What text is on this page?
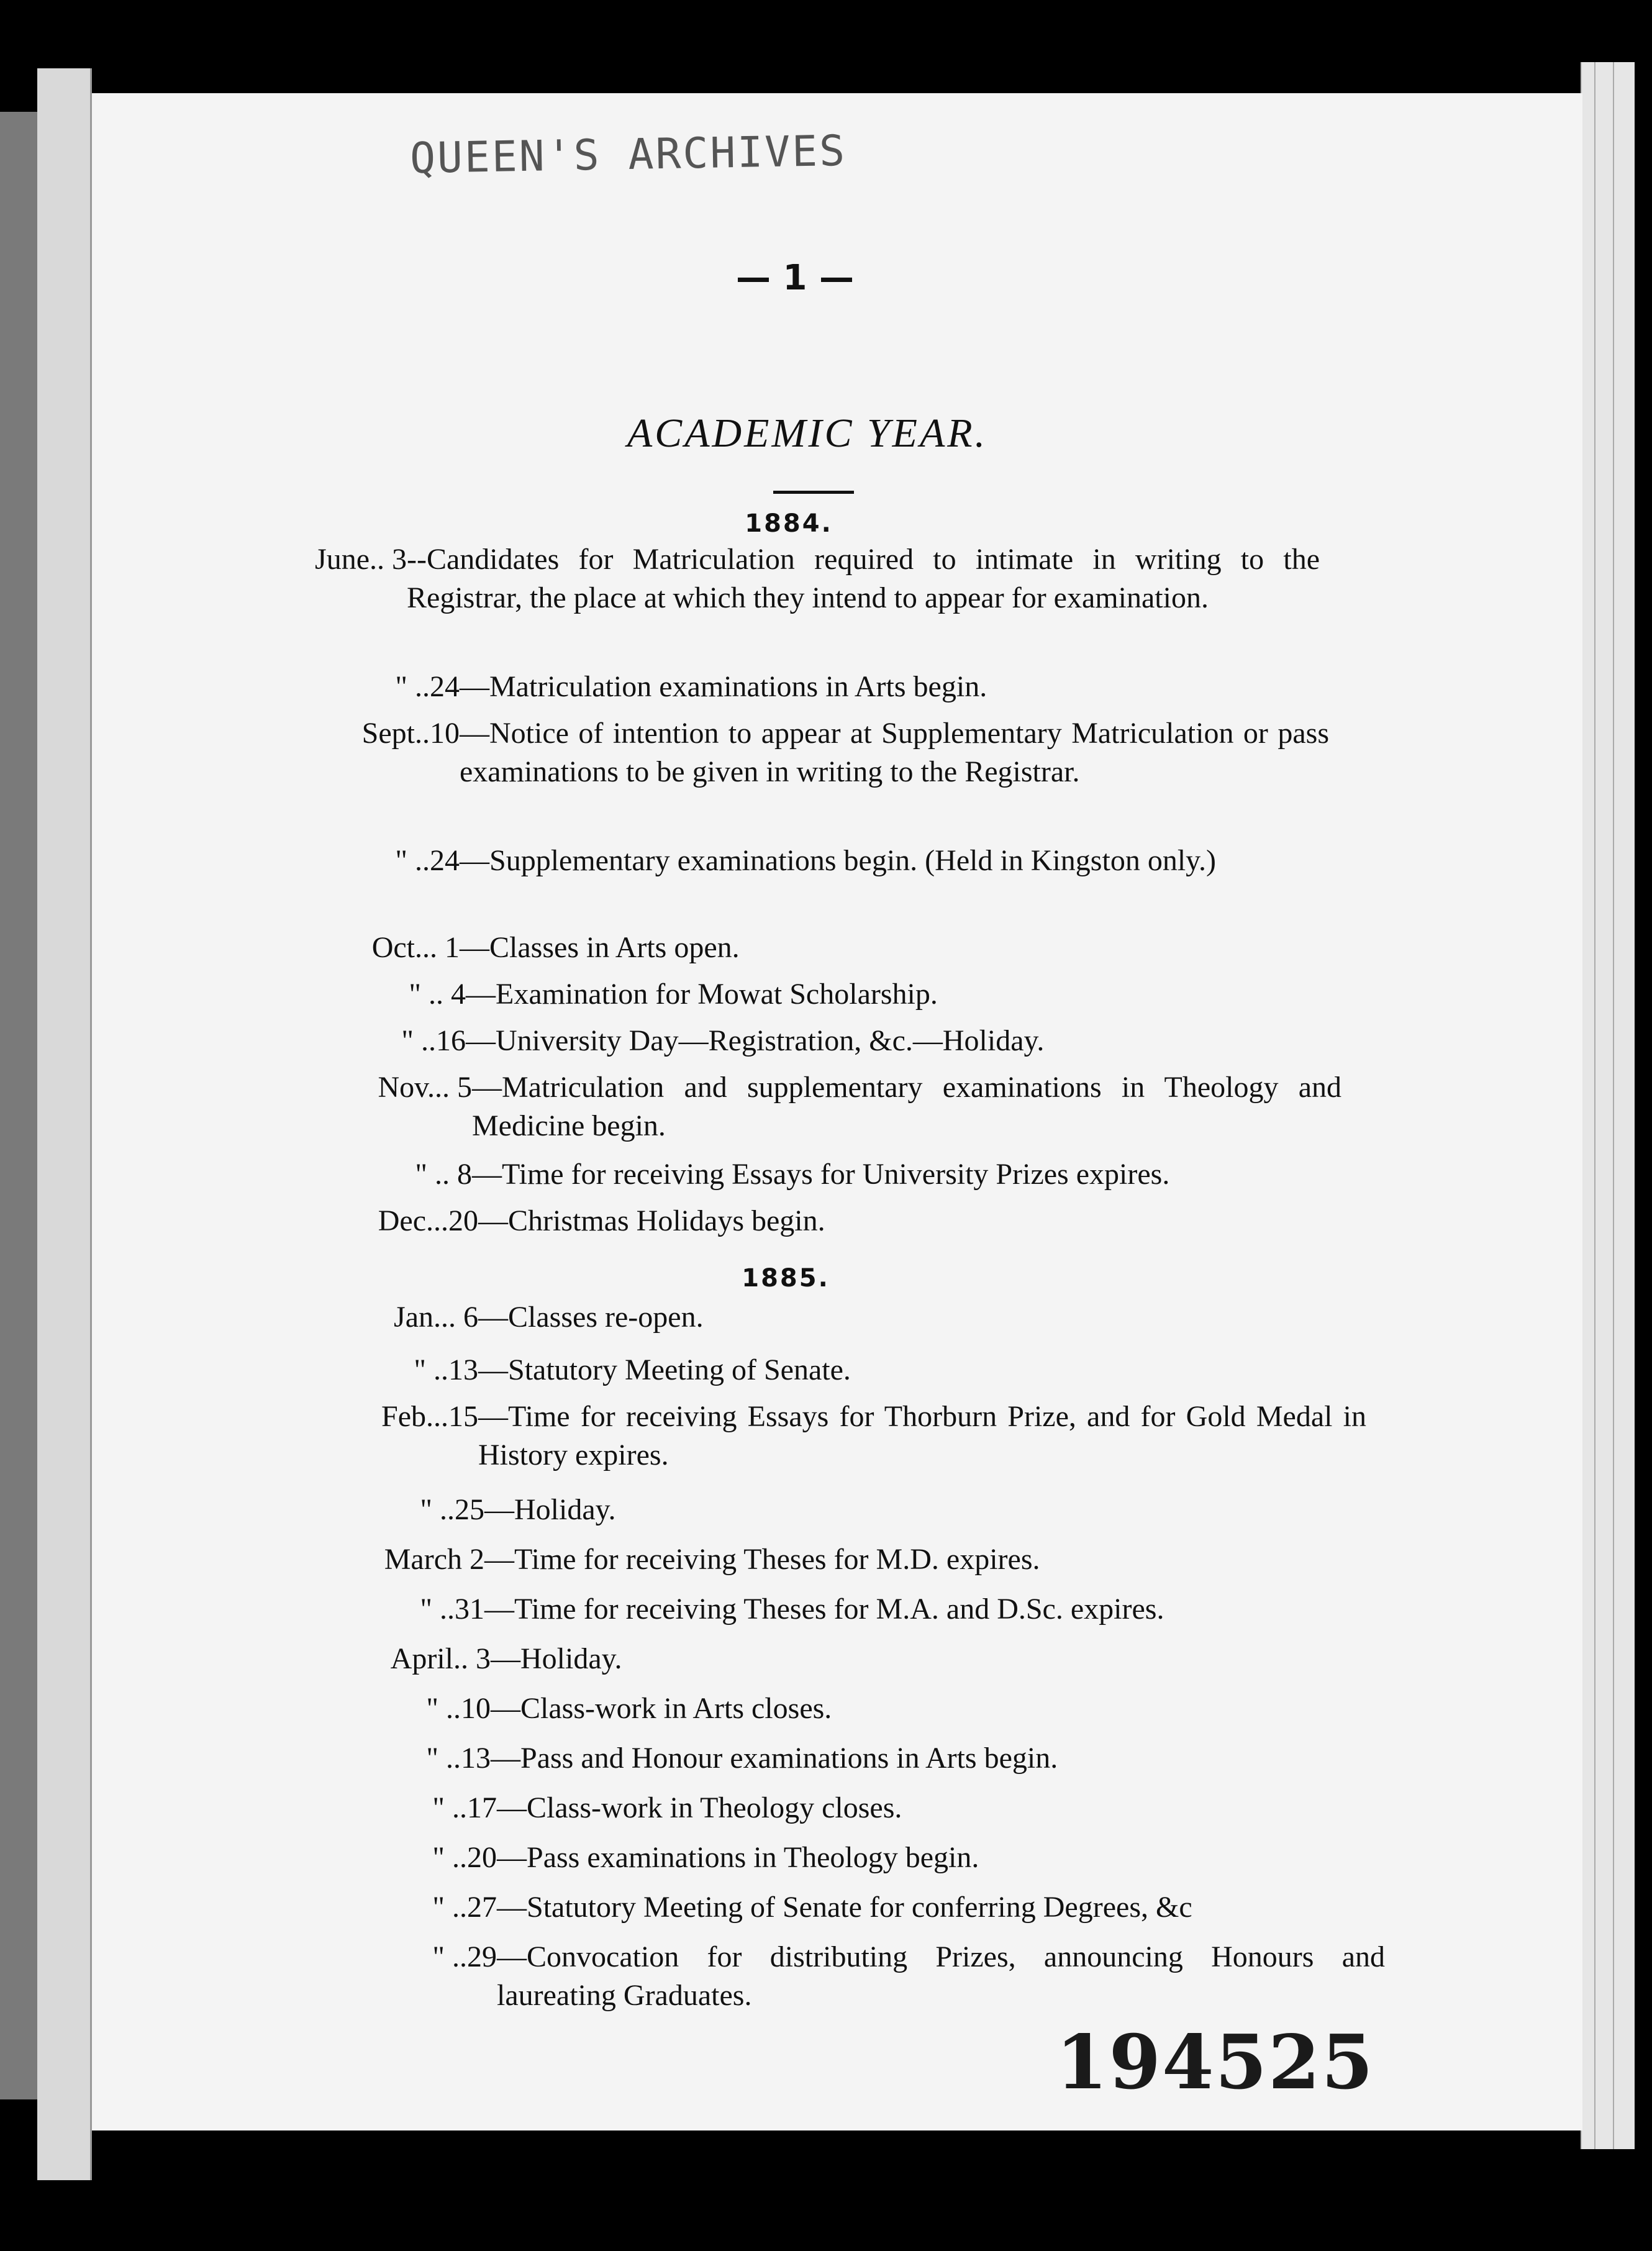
QUEEN'S ARCHIVES
— 1 —
ACADEMIC YEAR.
1884.
1885.
June.. 3 --Candidates for Matriculation required to intimate in writing to the Registrar, the place at which they intend to appear for examination.
" ..24 —Matriculation examinations in Arts begin.
Sept..10 —Notice of intention to appear at Supplementary Matriculation or pass examinations to be given in writing to the Registrar.
" ..24 —Supplementary examinations begin. (Held in Kingston only.)
Oct... 1 —Classes in Arts open.
" .. 4 —Examination for Mowat Scholarship.
" ..16 —University Day—Registration, &c.—Holiday.
Nov... 5 —Matriculation and supplementary examinations in Theology and Medicine begin.
" .. 8 —Time for receiving Essays for University Prizes expires.
Dec...20 —Christmas Holidays begin.
Jan... 6 —Classes re-open.
" ..13 —Statutory Meeting of Senate.
Feb...15 —Time for receiving Essays for Thorburn Prize, and for Gold Medal in History expires.
" ..25 —Holiday.
March 2 —Time for receiving Theses for M.D. expires.
" ..31 —Time for receiving Theses for M.A. and D.Sc. expires.
April.. 3 —Holiday.
" ..10 —Class-work in Arts closes.
" ..13 —Pass and Honour examinations in Arts begin.
" ..17 —Class-work in Theology closes.
" ..20 —Pass examinations in Theology begin.
" ..27 —Statutory Meeting of Senate for conferring Degrees, &c
" ..29 —Convocation for distributing Prizes, announcing Honours and laureating Graduates.
194525
